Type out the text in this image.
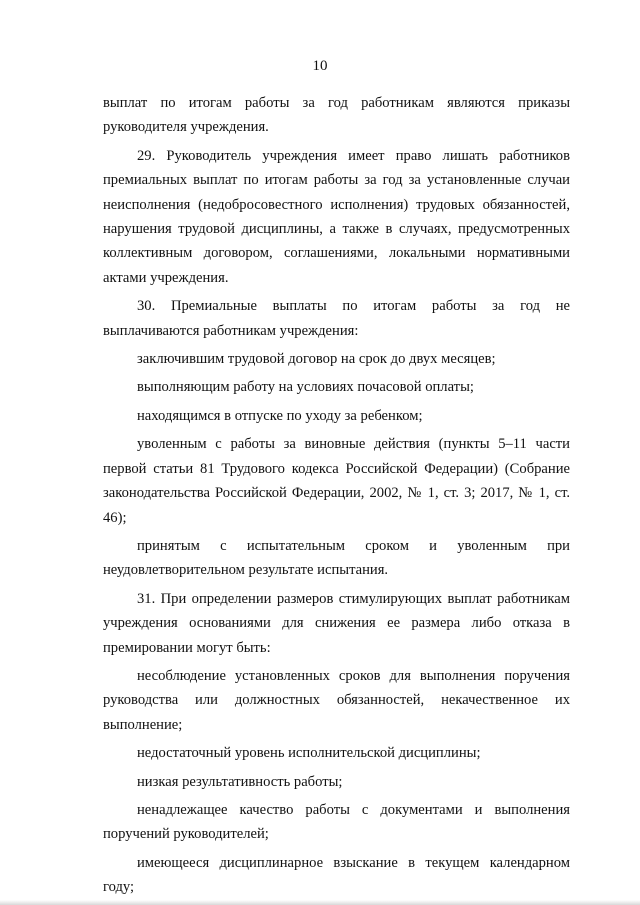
10

выплат по итогам работы за год работникам являются приказы руководителя учреждения.

29. Руководитель учреждения имеет право лишать работников премиальных выплат по итогам работы за год за установленные случаи неисполнения (недобросовестного исполнения) трудовых обязанностей, нарушения трудовой дисциплины, а также в случаях, предусмотренных коллективным договором, соглашениями, локальными нормативными актами учреждения.

30. Премиальные выплаты по итогам работы за год не выплачиваются работникам учреждения:

заключившим трудовой договор на срок до двух месяцев;

выполняющим работу на условиях почасовой оплаты;

находящимся в отпуске по уходу за ребенком;

уволенным с работы за виновные действия (пункты 5–11 части первой статьи 81 Трудового кодекса Российской Федерации) (Собрание законодательства Российской Федерации, 2002, № 1, ст. 3; 2017, № 1, ст. 46);

принятым с испытательным сроком и уволенным при неудовлетворительном результате испытания.

31. При определении размеров стимулирующих выплат работникам учреждения основаниями для снижения ее размера либо отказа в премировании могут быть:

несоблюдение установленных сроков для выполнения поручения руководства или должностных обязанностей, некачественное их выполнение;

недостаточный уровень исполнительской дисциплины;

низкая результативность работы;

ненадлежащее качество работы с документами и выполнения поручений руководителей;

имеющееся дисциплинарное взыскание в текущем календарном году;
